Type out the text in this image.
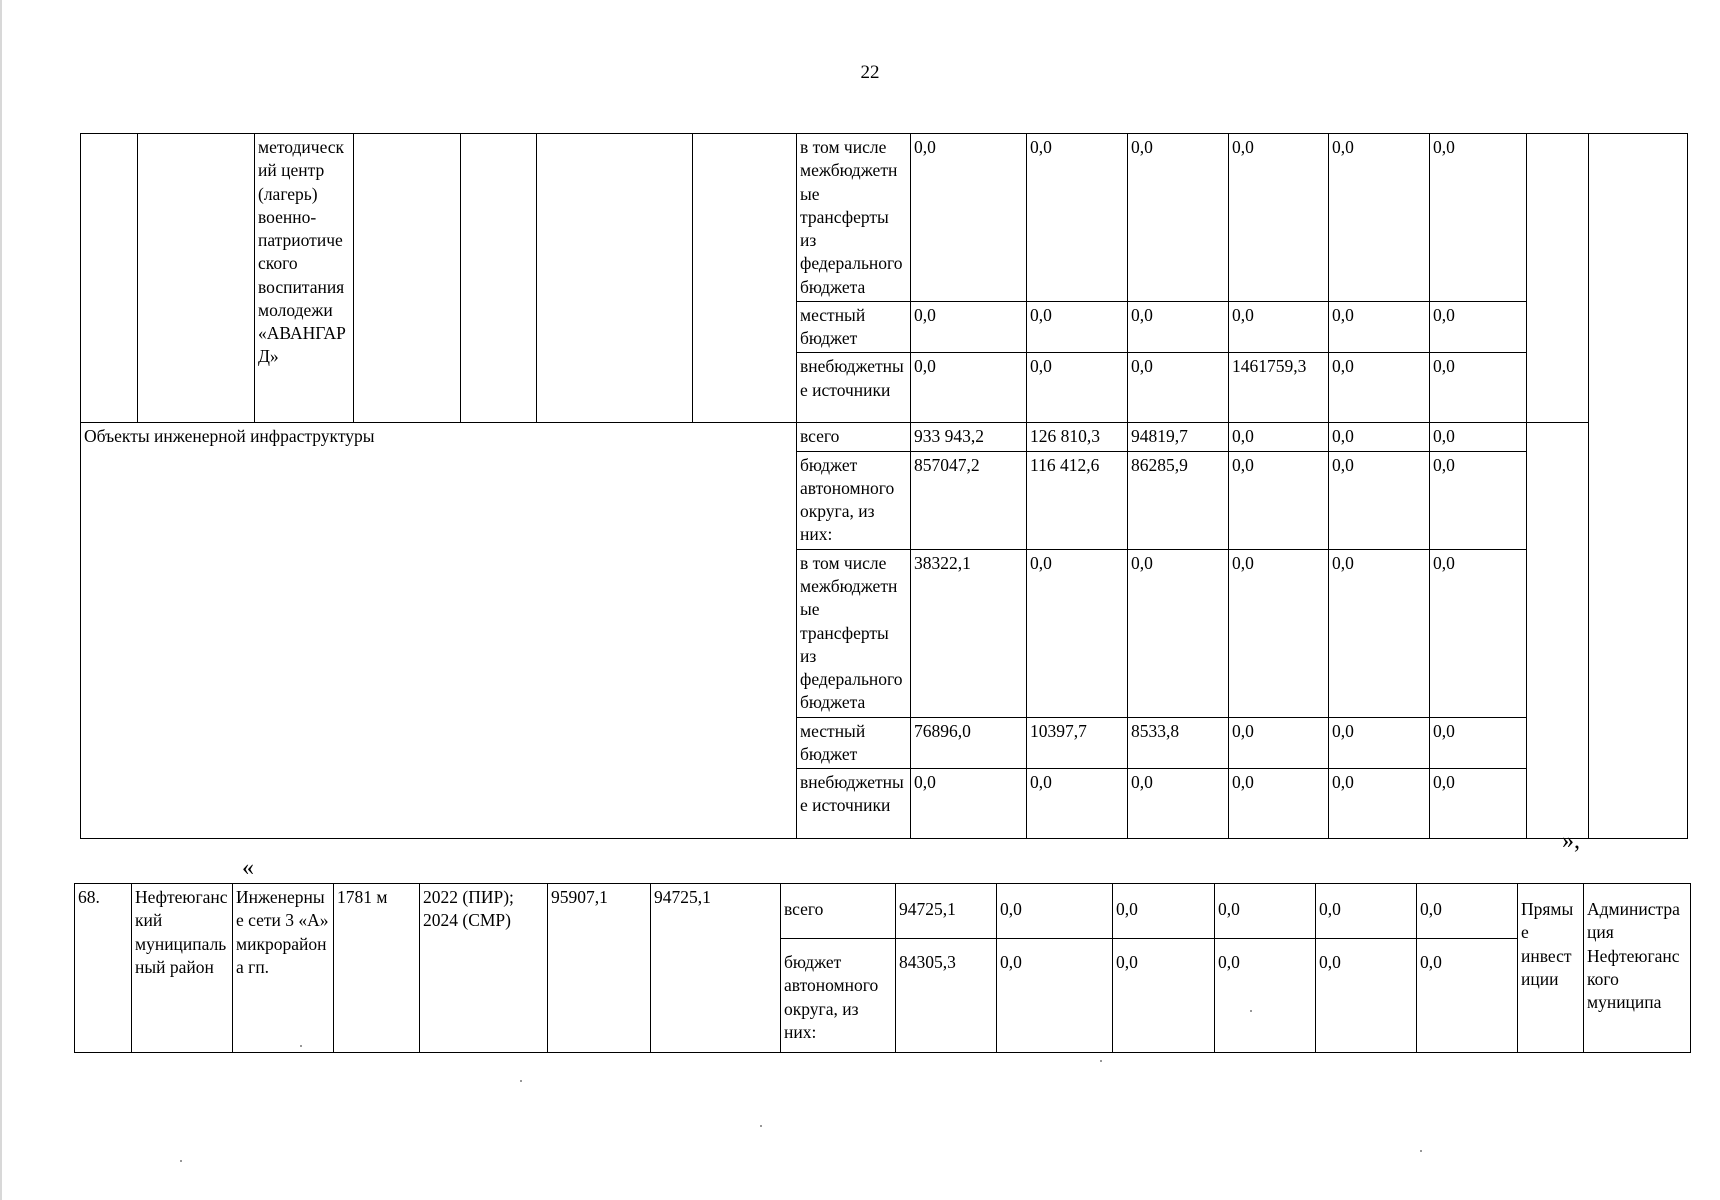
22
		методический центр (лагерь) военно-патриотического воспитания молодежи «АВАНГАРД»					в том числе межбюджетные трансферты из федерального бюджета	0,0	0,0	0,0	0,0	0,0	0,0		
							местный бюджет	0,0	0,0	0,0	0,0	0,0	0,0		
							внебюджетные источники	0,0	0,0	0,0	1461759,3	0,0	0,0		
Объекты инженерной инфраструктуры							всего	933 943,2	126 810,3	94819,7	0,0	0,0	0,0		
							бюджет автономного округа, из них:	857047,2	116 412,6	86285,9	0,0	0,0	0,0		
							в том числе межбюджетные трансферты из федерального бюджета	38322,1	0,0	0,0	0,0	0,0	0,0		
							местный бюджет	76896,0	10397,7	8533,8	0,0	0,0	0,0		
							внебюджетные источники	0,0	0,0	0,0	0,0	0,0	0,0		
»,
«
68.	Нефтеюганский муниципальный район	Инженерные сети 3 «А» микрорайона гп.	1781 м	2022 (ПИР); 2024 (СМР)	95907,1	94725,1	всего	94725,1	0,0	0,0	0,0	0,0	0,0	Прямые инвестиции	Администрация Нефтеюганского муниципа
							бюджет автономного округа, из них:	84305,3	0,0	0,0	0,0	0,0	0,0		
